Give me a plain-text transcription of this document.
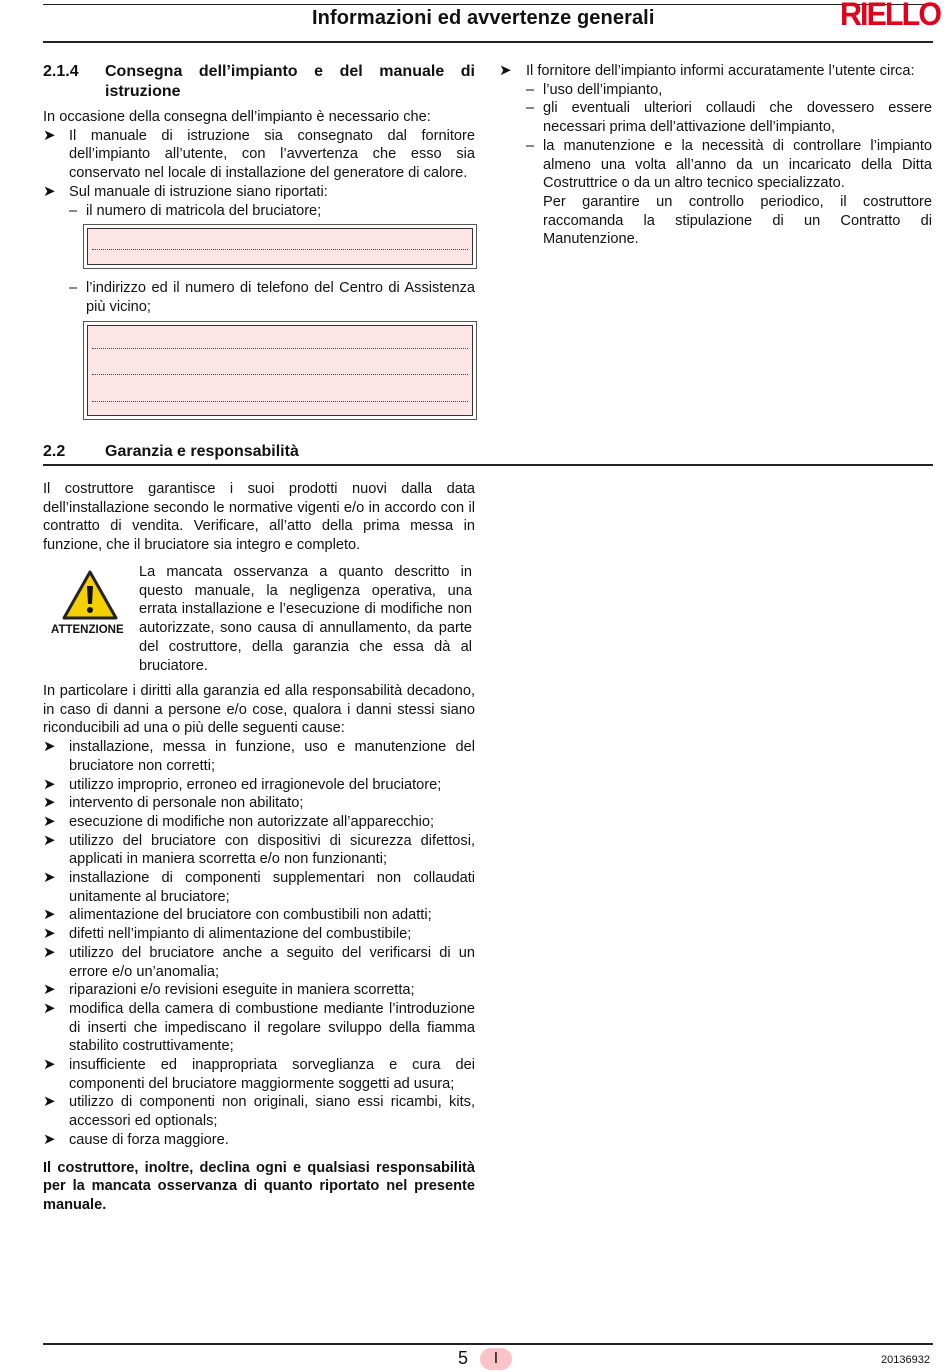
Informazioni ed avvertenze generali	RIELLO
2.1.4 Consegna dell’impianto e del manuale di istruzione

In occasione della consegna dell’impianto è necessario che:

➤ Il manuale di istruzione sia consegnato dal fornitore dell’impianto all’utente, con l’avvertenza che esso sia conservato nel locale di installazione del generatore di calore.
➤ Sul manuale di istruzione siano riportati:
– il numero di matricola del bruciatore;
– l’indirizzo ed il numero di telefono del Centro di Assistenza più vicino;
➤ Il fornitore dell’impianto informi accuratamente l’utente circa:
– l’uso dell’impianto,
– gli eventuali ulteriori collaudi che dovessero essere necessari prima dell’attivazione dell’impianto,
– la manutenzione e la necessità di controllare l’impianto almeno una volta all’anno da un incaricato della Ditta Costruttrice o da un altro tecnico specializzato.

Per garantire un controllo periodico, il costruttore raccomanda la stipulazione di un Contratto di Manutenzione.

2.2 Garanzia e responsabilità

Il costruttore garantisce i suoi prodotti nuovi dalla data dell’installazione secondo le normative vigenti e/o in accordo con il contratto di vendita. Verificare, all’atto della prima messa in funzione, che il bruciatore sia integro e completo.

ATTENZIONE

La mancata osservanza a quanto descritto in questo manuale, la negligenza operativa, una errata installazione e l’esecuzione di modifiche non autorizzate, sono causa di annullamento, da parte del costruttore, della garanzia che essa dà al bruciatore.

In particolare i diritti alla garanzia ed alla responsabilità decadono, in caso di danni a persone e/o cose, qualora i danni stessi siano riconducibili ad una o più delle seguenti cause:

➤ installazione, messa in funzione, uso e manutenzione del bruciatore non corretti;
➤ utilizzo improprio, erroneo ed irragionevole del bruciatore;
➤ intervento di personale non abilitato;
➤ esecuzione di modifiche non autorizzate all’apparecchio;
➤ utilizzo del bruciatore con dispositivi di sicurezza difettosi, applicati in maniera scorretta e/o non funzionanti;
➤ installazione di componenti supplementari non collaudati unitamente al bruciatore;
➤ alimentazione del bruciatore con combustibili non adatti;
➤ difetti nell’impianto di alimentazione del combustibile;
➤ utilizzo del bruciatore anche a seguito del verificarsi di un errore e/o un’anomalia;
➤ riparazioni e/o revisioni eseguite in maniera scorretta;
➤ modifica della camera di combustione mediante l’introduzione di inserti che impediscano il regolare sviluppo della fiamma stabilito costruttivamente;
➤ insufficiente ed inappropriata sorveglianza e cura dei componenti del bruciatore maggiormente soggetti ad usura;
➤ utilizzo di componenti non originali, siano essi ricambi, kits, accessori ed optionals;
➤ cause di forza maggiore.

Il costruttore, inoltre, declina ogni e qualsiasi responsabilità per la mancata osservanza di quanto riportato nel presente manuale.

5	I	20136932
